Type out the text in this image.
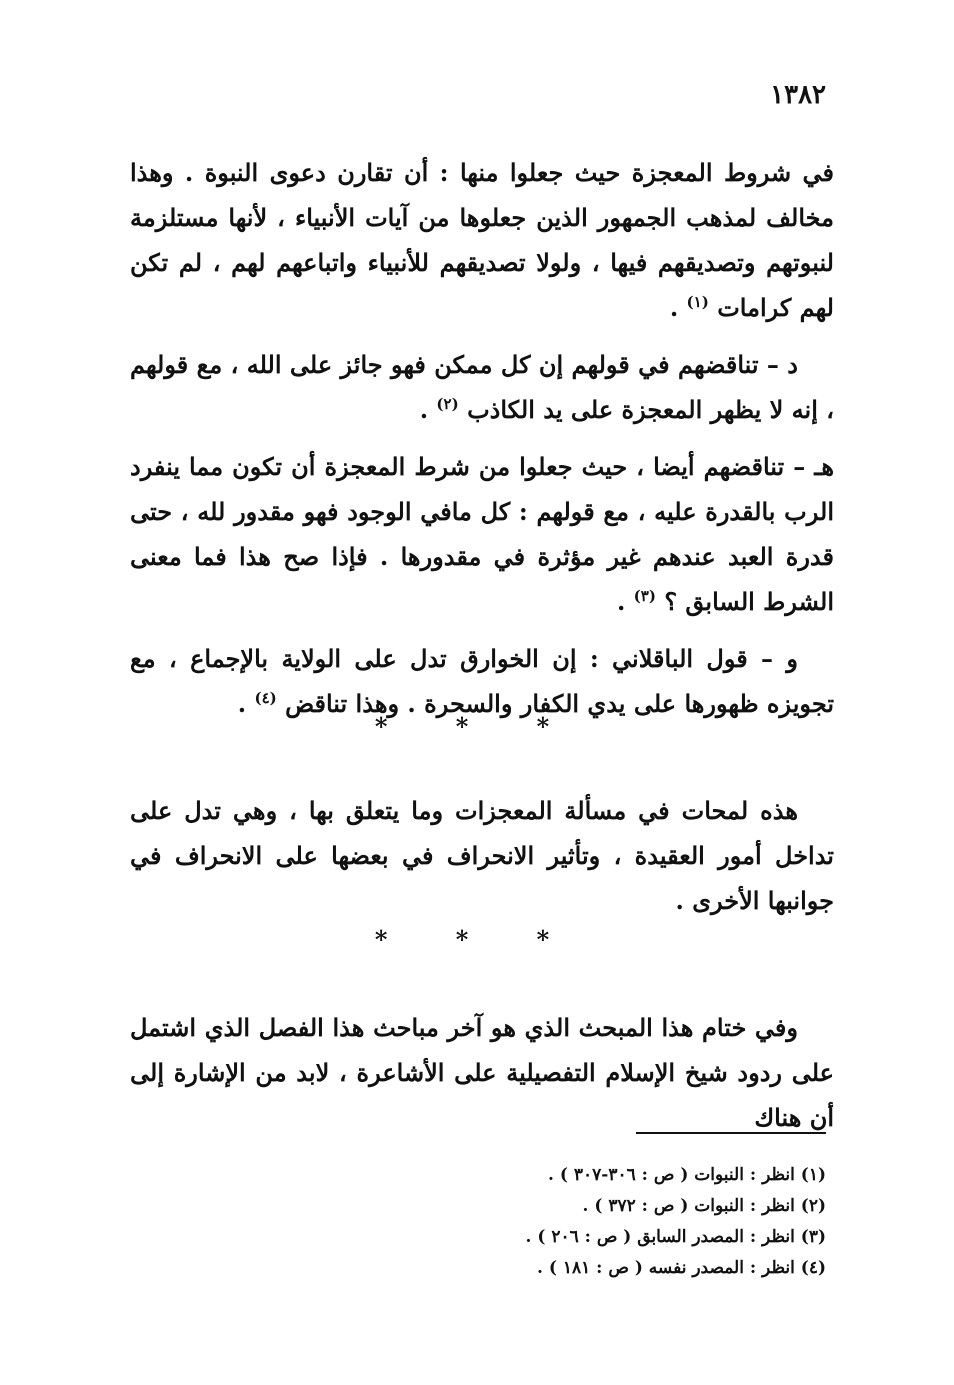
١٣٨٢

في شروط المعجزة حيث جعلوا منها : أن تقارن دعوى النبوة . وهذا مخالف لمذهب الجمهور الذين جعلوها من آيات الأنبياء ، لأنها مستلزمة لنبوتهم وتصديقهم فيها ، ولولا تصديقهم للأنبياء واتباعهم لهم ، لم تكن لهم كرامات $^{(١)}$ .

د – تناقضهم في قولهم إن كل ممكن فهو جائز على الله ، مع قولهم ، إنه لا يظهر المعجزة على يد الكاذب $^{(٢)}$ .

هـ – تناقضهم أيضا ، حيث جعلوا من شرط المعجزة أن تكون مما ينفرد الرب بالقدرة عليه ، مع قولهم : كل مافي الوجود فهو مقدور لله ، حتى قدرة العبد عندهم غير مؤثرة في مقدورها . فإذا صح هذا فما معنى الشرط السابق ؟ $^{(٣)}$ .

و – قول الباقلاني : إن الخوارق تدل على الولاية بالإجماع ، مع تجويزه ظهورها على يدي الكفار والسحرة . وهذا تناقض $^{(٤)}$ .

* * *

هذه لمحات في مسألة المعجزات وما يتعلق بها ، وهي تدل على تداخل أمور العقيدة ، وتأثير الانحراف في بعضها على الانحراف في جوانبها الأخرى .

* * *

وفي ختام هذا المبحث الذي هو آخر مباحث هذا الفصل الذي اشتمل على ردود شيخ الإسلام التفصيلية على الأشاعرة ، لابد من الإشارة إلى أن هناك

(١) انظر : النبوات ( ص : ٣٠٦-٣٠٧ ) .
(٢) انظر : النبوات ( ص : ٣٧٢ ) .
(٣) انظر : المصدر السابق ( ص : ٢٠٦ ) .
(٤) انظر : المصدر نفسه ( ص : ١٨١ ) .
